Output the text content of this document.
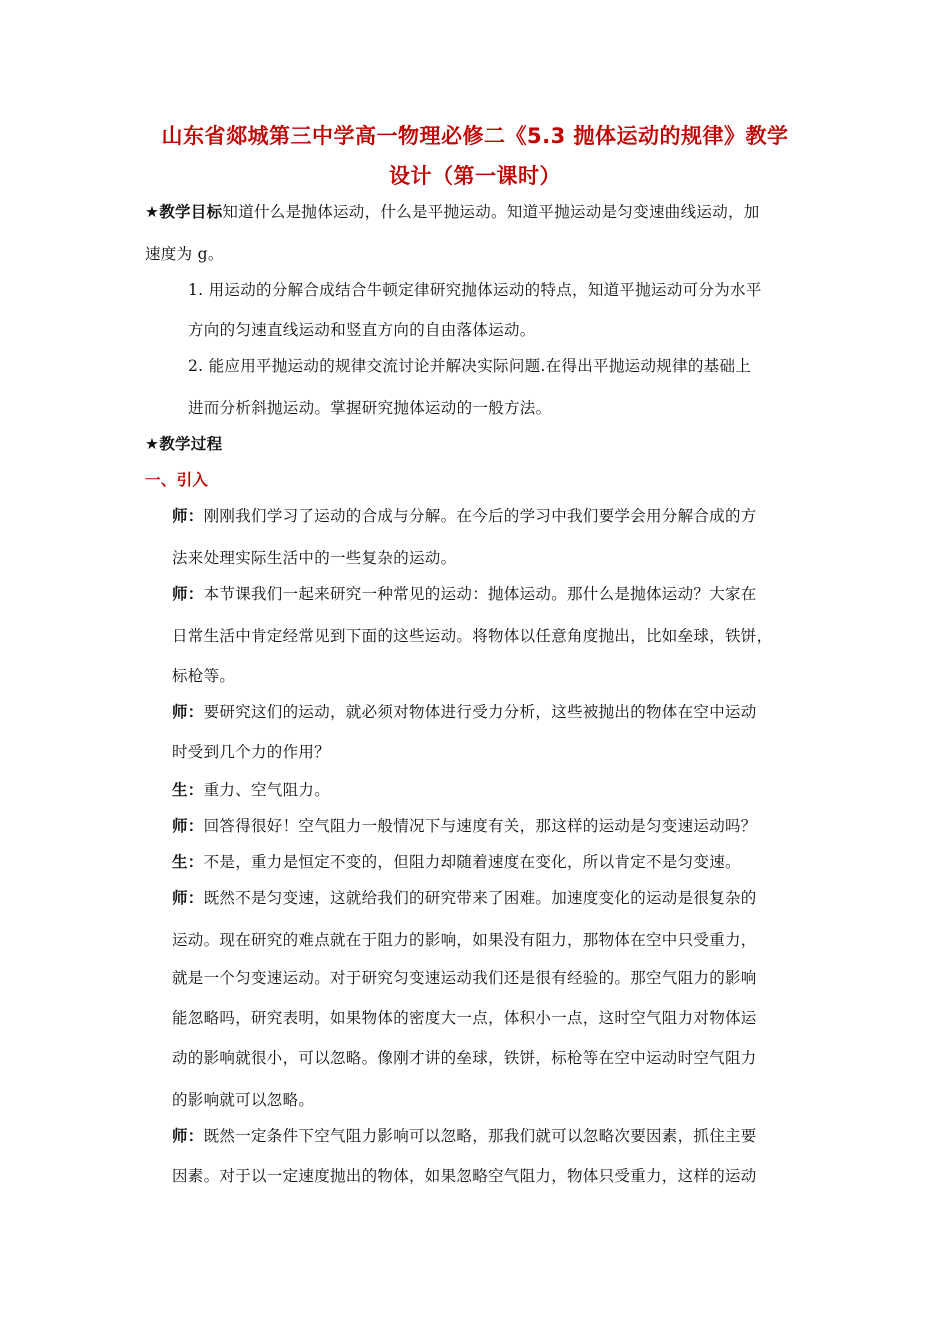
山东省郯城第三中学高一物理必修二《5.3 抛体运动的规律》教学
设计（第一课时）
★教学目标知道什么是抛体运动，什么是平抛运动。知道平抛运动是匀变速曲线运动，加
速度为 g。
1. 用运动的分解合成结合牛顿定律研究抛体运动的特点，知道平抛运动可分为水平
方向的匀速直线运动和竖直方向的自由落体运动。
2. 能应用平抛运动的规律交流讨论并解决实际问题.在得出平抛运动规律的基础上
进而分析斜抛运动。掌握研究抛体运动的一般方法。
★教学过程
一、引入
师：刚刚我们学习了运动的合成与分解。在今后的学习中我们要学会用分解合成的方
法来处理实际生活中的一些复杂的运动。
师：本节课我们一起来研究一种常见的运动：抛体运动。那什么是抛体运动？大家在
日常生活中肯定经常见到下面的这些运动。将物体以任意角度抛出，比如垒球，铁饼，
标枪等。
师：要研究这们的运动，就必须对物体进行受力分析，这些被抛出的物体在空中运动
时受到几个力的作用？
生：重力、空气阻力。
师：回答得很好！空气阻力一般情况下与速度有关，那这样的运动是匀变速运动吗？
生：不是，重力是恒定不变的，但阻力却随着速度在变化，所以肯定不是匀变速。
师：既然不是匀变速，这就给我们的研究带来了困难。加速度变化的运动是很复杂的
运动。现在研究的难点就在于阻力的影响，如果没有阻力，那物体在空中只受重力，
就是一个匀变速运动。对于研究匀变速运动我们还是很有经验的。那空气阻力的影响
能忽略吗，研究表明，如果物体的密度大一点，体积小一点，这时空气阻力对物体运
动的影响就很小，可以忽略。像刚才讲的垒球，铁饼，标枪等在空中运动时空气阻力
的影响就可以忽略。
师：既然一定条件下空气阻力影响可以忽略，那我们就可以忽略次要因素，抓住主要
因素。对于以一定速度抛出的物体，如果忽略空气阻力，物体只受重力，这样的运动
